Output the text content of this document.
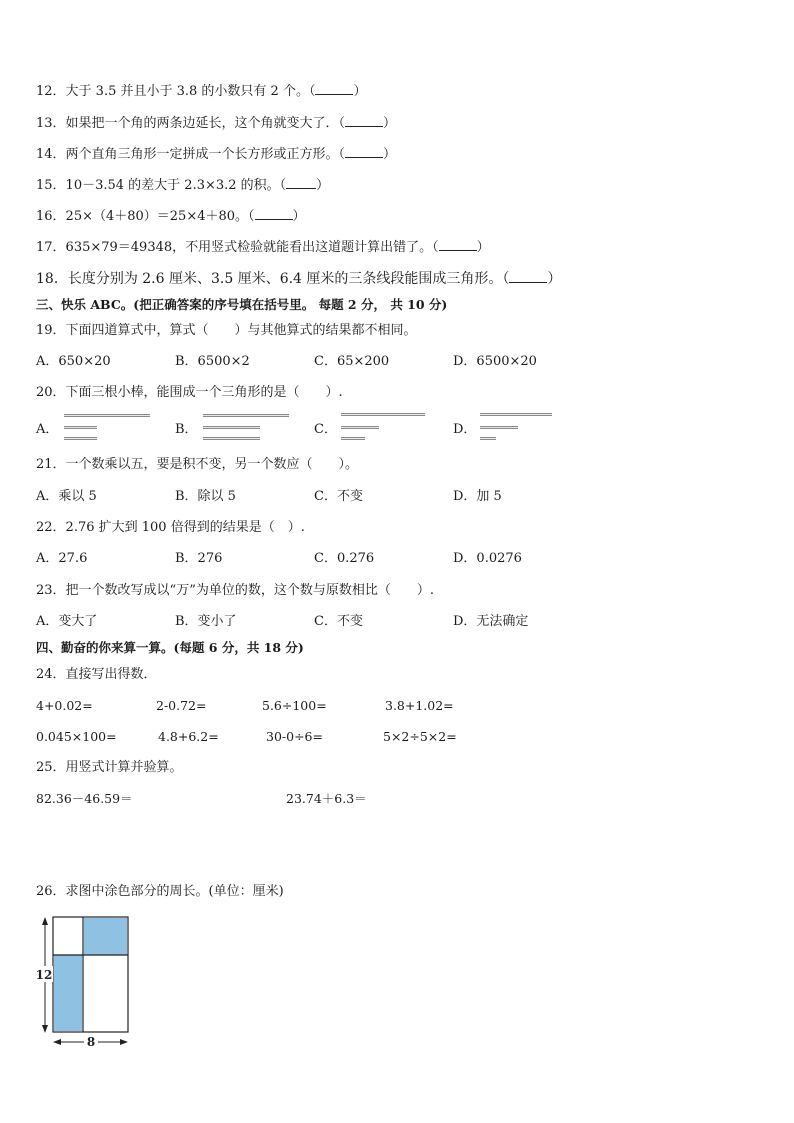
12．大于 3.5 并且小于 3.8 的小数只有 2 个。（	）
13．如果把一个角的两条边延长，这个角就变大了．（	）
14．两个直角三角形一定拼成一个长方形或正方形。（	）
15．10－3.54 的差大于 2.3×3.2 的积。（ ）
16．25×（4＋80）＝25×4＋80。（	）
17．635×79＝49348，不用竖式检验就能看出这道题计算出错了。（	）
18．长度分别为 2.6 厘米、3.5 厘米、6.4 厘米的三条线段能围成三角形。（	）
三、快乐 ABC。(把正确答案的序号填在括号里。 每题 2 分， 共 10 分)
19．下面四道算式中，算式（　　）与其他算式的结果都不相同。
A．650×20	B．6500×2	C．65×200	D．6500×20
20．下面三根小棒，能围成一个三角形的是（　　）.
A．	B．	C．	D．
21．一个数乘以五，要是积不变，另一个数应（　　）。
A．乘以 5	B．除以 5	C．不变	D．加 5
22．2.76 扩大到 100 倍得到的结果是（　）.
A．27.6	B．276	C．0.276	D．0.0276
23．把一个数改写成以“万”为单位的数，这个数与原数相比（　　）.
A．变大了	B．变小了	C．不变	D．无法确定
四、勤奋的你来算一算。(每题 6 分，共 18 分)
24．直接写出得数．
4+0.02=	2-0.72=	5.6÷100=	3.8+1.02=
0.045×100=	4.8+6.2=	30-0÷6=	5×2÷5×2=
25．用竖式计算并验算。
82.36－46.59＝	23.74＋6.3＝
26．求图中涂色部分的周长。(单位：厘米)
12
8
